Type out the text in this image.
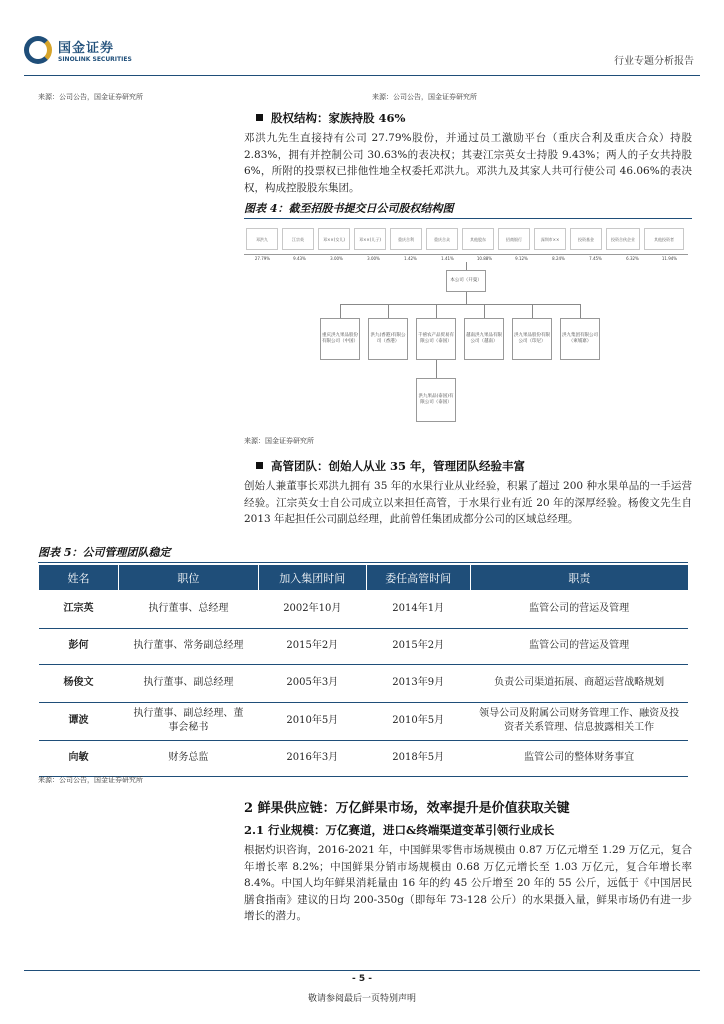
国金证券
SINOLINK SECURITIES	行业专题分析报告
来源：公司公告，国金证券研究所	来源：公司公告，国金证券研究所
股权结构：家族持股 46%
邓洪九先生直接持有公司 27.79%股份，并通过员工激励平台（重庆合利及重庆合众）持股 2.83%，拥有并控制公司 30.63%的表决权；其妻江宗英女士持股 9.43%；两人的子女共持股 6%，所附的投票权已排他性地全权委托邓洪九。邓洪九及其家人共可行使公司 46.06%的表决权，构成控股股东集团。
图表 4：截至招股书提交日公司股权结构图
邓洪九	江宗英	邓××(女儿)	邓××(儿子)	重庆合利	重庆合众	其他股东	招商银行	深圳市××	投资基金	投资合伙企业	其他投资者
27.79%	9.43%	3.00%	3.00%	1.42%	1.41%	10.88%	9.12%	8.24%	7.45%	6.32%	11.94%
本公司（开曼）
重庆洪九果品股份有限公司（中国）
洪九(香港)有限公司（香港）
千禧农产品贸易有限公司（泰国）
越南洪九果品有限公司（越南）
洪九果品股份有限公司（印尼）
洪九集团有限公司（柬埔寨）
洪九果品(泰国)有限公司（泰国）
来源：国金证券研究所
高管团队：创始人从业 35 年，管理团队经验丰富
创始人兼董事长邓洪九拥有 35 年的水果行业从业经验，积累了超过 200 种水果单品的一手运营经验。江宗英女士自公司成立以来担任高管，于水果行业有近 20 年的深厚经验。杨俊文先生自 2013 年起担任公司副总经理，此前曾任集团成都分公司的区域总经理。
图表 5：公司管理团队稳定
姓名	职位	加入集团时间	委任高管时间	职责
江宗英	执行董事、总经理	2002年10月	2014年1月	监管公司的营运及管理
彭何	执行董事、常务副总经理	2015年2月	2015年2月	监管公司的营运及管理
杨俊文	执行董事、副总经理	2005年3月	2013年9月	负责公司渠道拓展、商超运营战略规划
谭波	执行董事、副总经理、董事会秘书	2010年5月	2010年5月	领导公司及附属公司财务管理工作、融资及投资者关系管理、信息披露相关工作
向敏	财务总监	2016年3月	2018年5月	监管公司的整体财务事宜
来源：公司公告，国金证券研究所
2 鲜果供应链：万亿鲜果市场，效率提升是价值获取关键
2.1 行业规模：万亿赛道，进口&终端渠道变革引领行业成长
根据灼识咨询，2016-2021 年，中国鲜果零售市场规模由 0.87 万亿元增至 1.29 万亿元，复合年增长率 8.2%；中国鲜果分销市场规模由 0.68 万亿元增长至 1.03 万亿元，复合年增长率 8.4%。中国人均年鲜果消耗量由 16 年的约 45 公斤增至 20 年的 55 公斤，远低于《中国居民膳食指南》建议的日均 200-350g（即每年 73-128 公斤）的水果摄入量，鲜果市场仍有进一步增长的潜力。
- 5 -
敬请参阅最后一页特别声明
